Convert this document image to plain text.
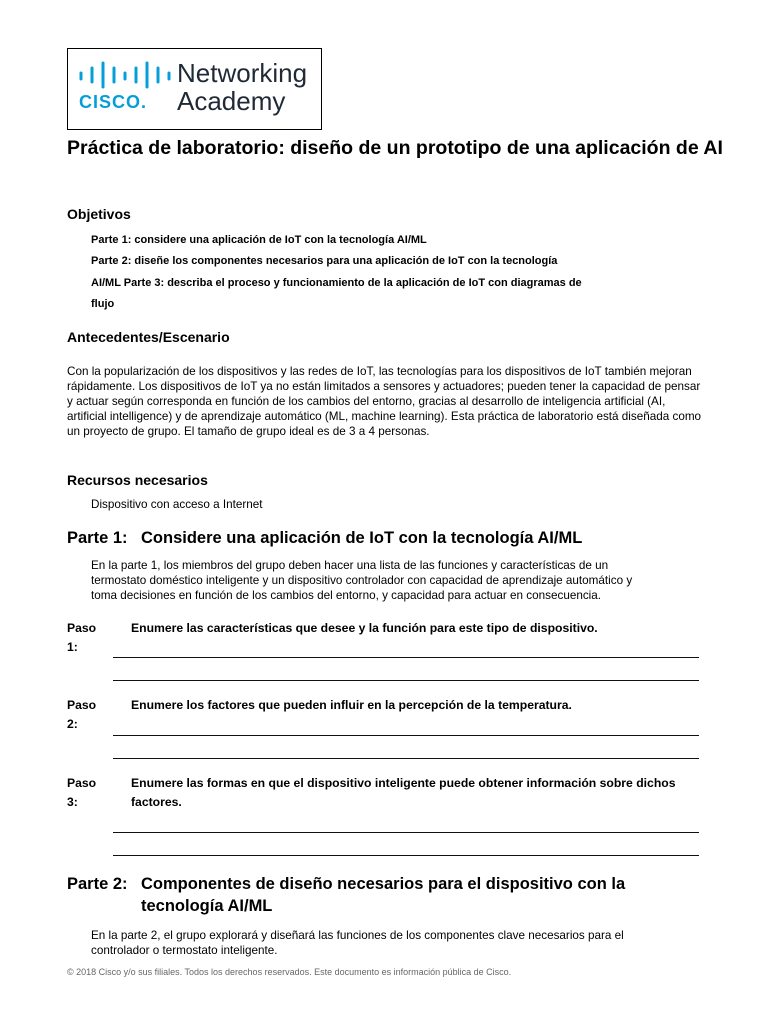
CISCO.
Networking
Academy
Práctica de laboratorio: diseño de un prototipo de una aplicación de AI
Objetivos
Parte 1: considere una aplicación de IoT con la tecnología AI/ML
Parte 2: diseñe los componentes necesarios para una aplicación de IoT con la tecnología
AI/ML Parte 3: describa el proceso y funcionamiento de la aplicación de IoT con diagramas de
flujo
Antecedentes/Escenario
Con la popularización de los dispositivos y las redes de IoT, las tecnologías para los dispositivos de IoT también mejoran rápidamente. Los dispositivos de IoT ya no están limitados a sensores y actuadores; pueden tener la capacidad de pensar y actuar según corresponda en función de los cambios del entorno, gracias al desarrollo de inteligencia artificial (AI, artificial intelligence) y de aprendizaje automático (ML, machine learning). Esta práctica de laboratorio está diseñada como un proyecto de grupo. El tamaño de grupo ideal es de 3 a 4 personas.
Recursos necesarios
Dispositivo con acceso a Internet
Parte 1: Considere una aplicación de IoT con la tecnología AI/ML
En la parte 1, los miembros del grupo deben hacer una lista de las funciones y características de un termostato doméstico inteligente y un dispositivo controlador con capacidad de aprendizaje automático y toma decisiones en función de los cambios del entorno, y capacidad para actuar en consecuencia.
Paso 1:
Enumere las características que desee y la función para este tipo de dispositivo.
Paso 2:
Enumere los factores que pueden influir en la percepción de la temperatura.
Paso 3:
Enumere las formas en que el dispositivo inteligente puede obtener información sobre dichos factores.
Parte 2: Componentes de diseño necesarios para el dispositivo con la
tecnología AI/ML
En la parte 2, el grupo explorará y diseñará las funciones de los componentes clave necesarios para el controlador o termostato inteligente.
© 2018 Cisco y/o sus filiales. Todos los derechos reservados. Este documento es información pública de Cisco.
